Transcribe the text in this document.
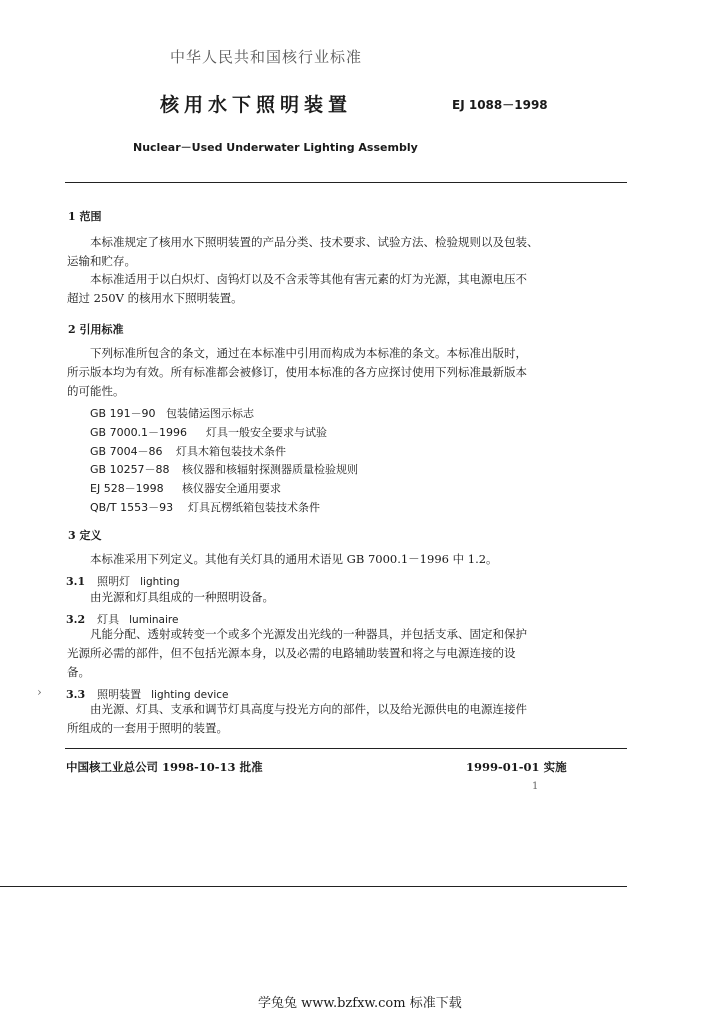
中华人民共和国核行业标准
核用水下照明装置	EJ 1088－1998
Nuclear－Used Underwater Lighting Assembly
1 范围
本标准规定了核用水下照明装置的产品分类、技术要求、试验方法、检验规则以及包装、
运输和贮存。
本标准适用于以白炽灯、卤钨灯以及不含汞等其他有害元素的灯为光源，其电源电压不
超过 250V 的核用水下照明装置。
2 引用标准
下列标准所包含的条文，通过在本标准中引用而构成为本标准的条文。本标准出版时，
所示版本均为有效。所有标准都会被修订，使用本标准的各方应探讨使用下列标准最新版本
的可能性。
GB 191－90 包装储运图示标志
GB 7000.1－1996 灯具一般安全要求与试验
GB 7004－86 灯具木箱包装技术条件
GB 10257－88 核仪器和核辐射探测器质量检验规则
EJ 528－1998 核仪器安全通用要求
QB/T 1553－93 灯具瓦楞纸箱包装技术条件
3 定义
本标准采用下列定义。其他有关灯具的通用术语见 GB 7000.1－1996 中 1.2。
3.1 照明灯 lighting
由光源和灯具组成的一种照明设备。
3.2 灯具 luminaire
凡能分配、透射或转变一个或多个光源发出光线的一种器具，并包括支承、固定和保护
光源所必需的部件，但不包括光源本身，以及必需的电路辅助装置和将之与电源连接的设
备。
› 3.3 照明装置 lighting device
由光源、灯具、支承和调节灯具高度与投光方向的部件，以及给光源供电的电源连接件
所组成的一套用于照明的装置。
中国核工业总公司 1998-10-13 批准	1999-01-01 实施
1
学兔兔 www.bzfxw.com 标准下载
